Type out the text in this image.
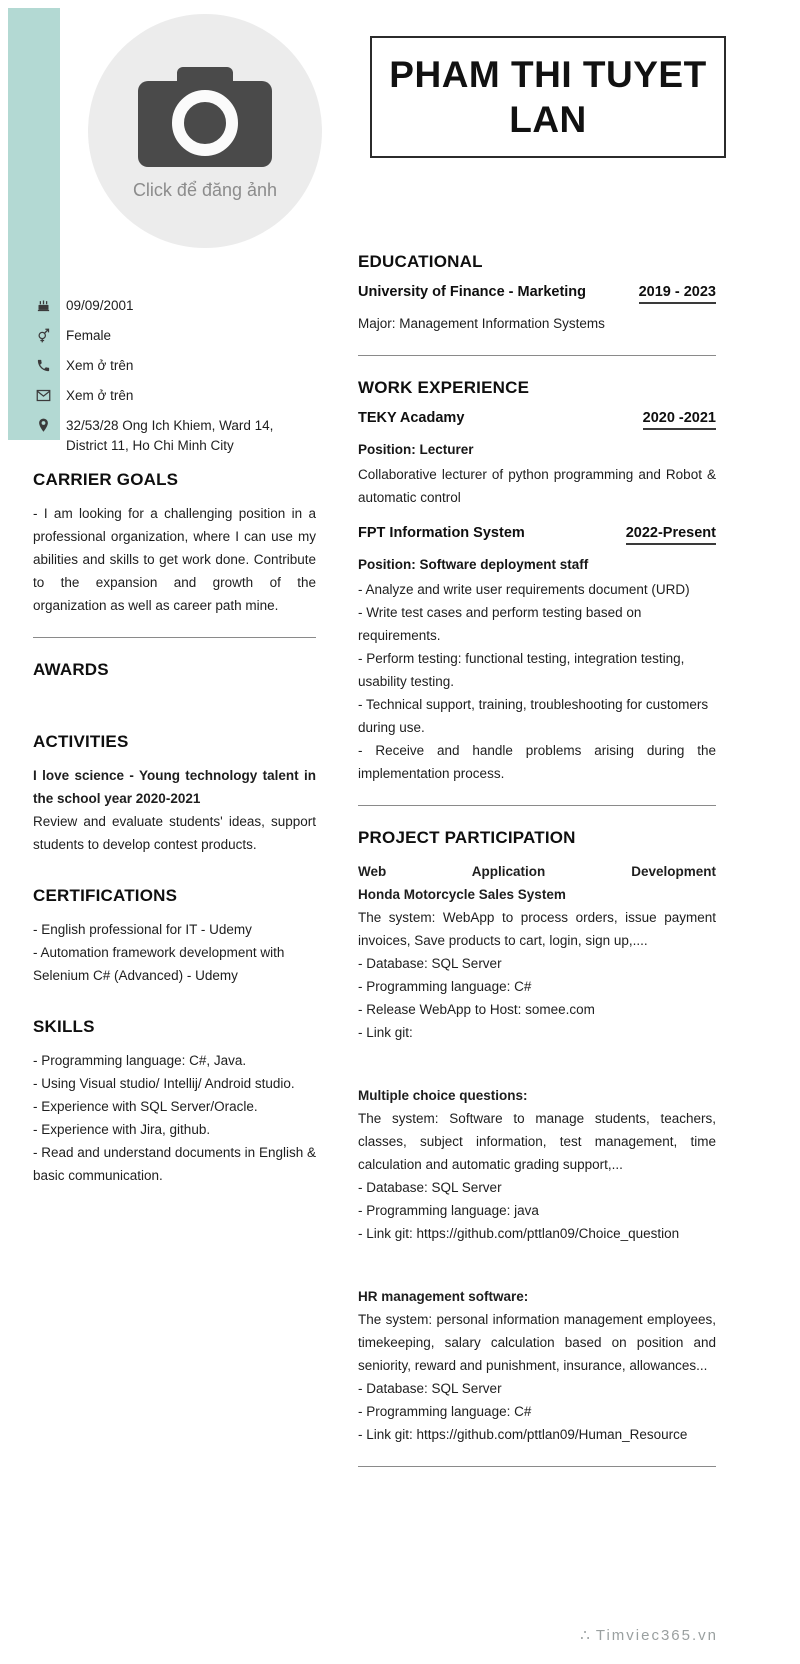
Click để đăng ảnh
PHAM THI TUYET LAN
09/09/2001
Female
Xem ở trên
Xem ở trên
32/53/28 Ong Ich Khiem, Ward 14, District 11, Ho Chi Minh City
CARRIER GOALS

- I am looking for a challenging position in a professional organization, where I can use my abilities and skills to get work done. Contribute to the expansion and growth of the organization as well as career path mine.

AWARDS
ACTIVITIES

I love science - Young technology talent in the school year 2020-2021

Review and evaluate students' ideas, support students to develop contest products.

CERTIFICATIONS
- English professional for IT - Udemy
- Automation framework development with Selenium C# (Advanced) - Udemy
SKILLS
- Programming language: C#, Java.
- Using Visual studio/ Intellij/ Android studio.
- Experience with SQL Server/Oracle.
- Experience with Jira, github.
- Read and understand documents in English & basic communication.
EDUCATIONAL
University of Finance - Marketing	2019 - 2023
Major: Management Information Systems
WORK EXPERIENCE
TEKY Acadamy	2020 -2021
Position: Lecturer
Collaborative lecturer of python programming and Robot & automatic control
FPT Information System	2022-Present
Position: Software deployment staff
- Analyze and write user requirements document (URD)
- Write test cases and perform testing based on requirements.
- Perform testing: functional testing, integration testing, usability testing.
- Technical support, training, troubleshooting for customers during use.
- Receive and handle problems arising during the implementation process.
PROJECT PARTICIPATION
Web Application Development
Honda Motorcycle Sales System
The system: WebApp to process orders, issue payment invoices, Save products to cart, login, sign up,....
- Database: SQL Server
- Programming language: C#
- Release WebApp to Host: somee.com
- Link git:
Multiple choice questions:
The system: Software to manage students, teachers, classes, subject information, test management, time calculation and automatic grading support,...
- Database: SQL Server
- Programming language: java
- Link git: https://github.com/pttlan09/Choice_question
HR management software:
The system: personal information management employees, timekeeping, salary calculation based on position and seniority, reward and punishment, insurance, allowances...
- Database: SQL Server
- Programming language: C#
- Link git: https://github.com/pttlan09/Human_Resource
∴ Timviec365.vn
